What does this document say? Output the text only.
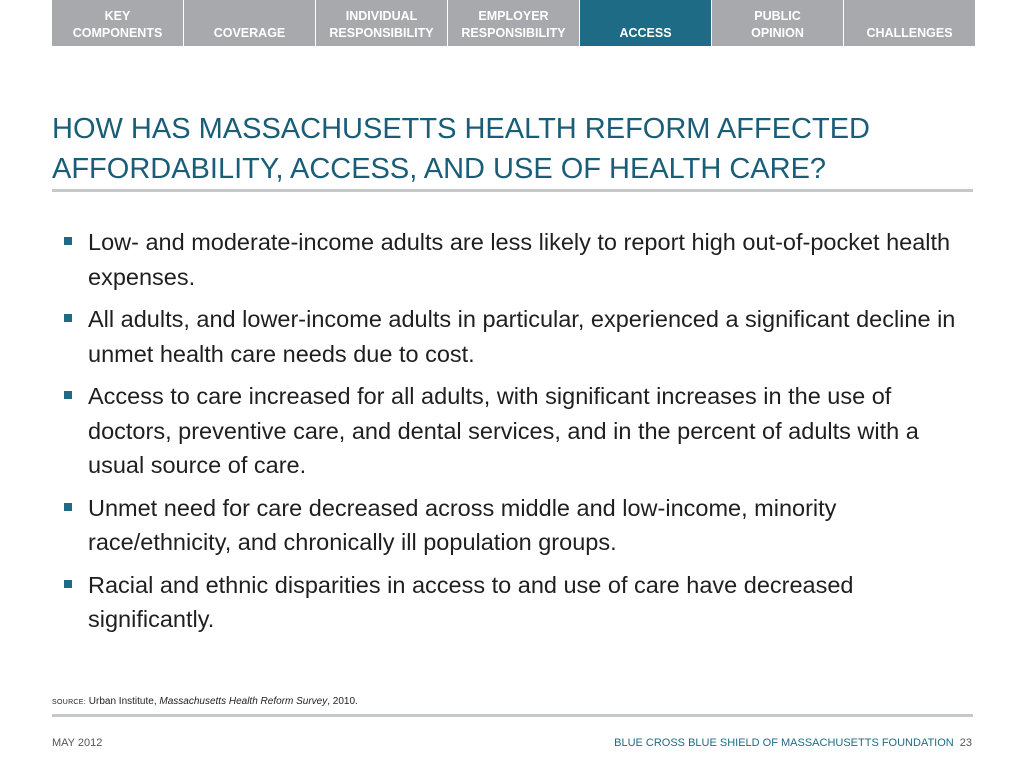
KEY
COMPONENTS	COVERAGE
INDIVIDUAL
RESPONSIBILITY
EMPLOYER
RESPONSIBILITY	ACCESS
PUBLIC
OPINION	CHALLENGES
HOW HAS MASSACHUSETTS HEALTH REFORM AFFECTED
AFFORDABILITY, ACCESS, AND USE OF HEALTH CARE?
Low- and moderate-income adults are less likely to report high out-of-pocket health expenses.
All adults, and lower-income adults in particular, experienced a significant decline in unmet health care needs due to cost.
Access to care increased for all adults, with significant increases in the use of doctors, preventive care, and dental services, and in the percent of adults with a usual source of care.
Unmet need for care decreased across middle and low-income, minority race/ethnicity, and chronically ill population groups.
Racial and ethnic disparities in access to and use of care have decreased significantly.
SOURCE: Urban Institute, Massachusetts Health Reform Survey, 2010.
MAY 2012	BLUE CROSS BLUE SHIELD OF MASSACHUSETTS FOUNDATION 23
